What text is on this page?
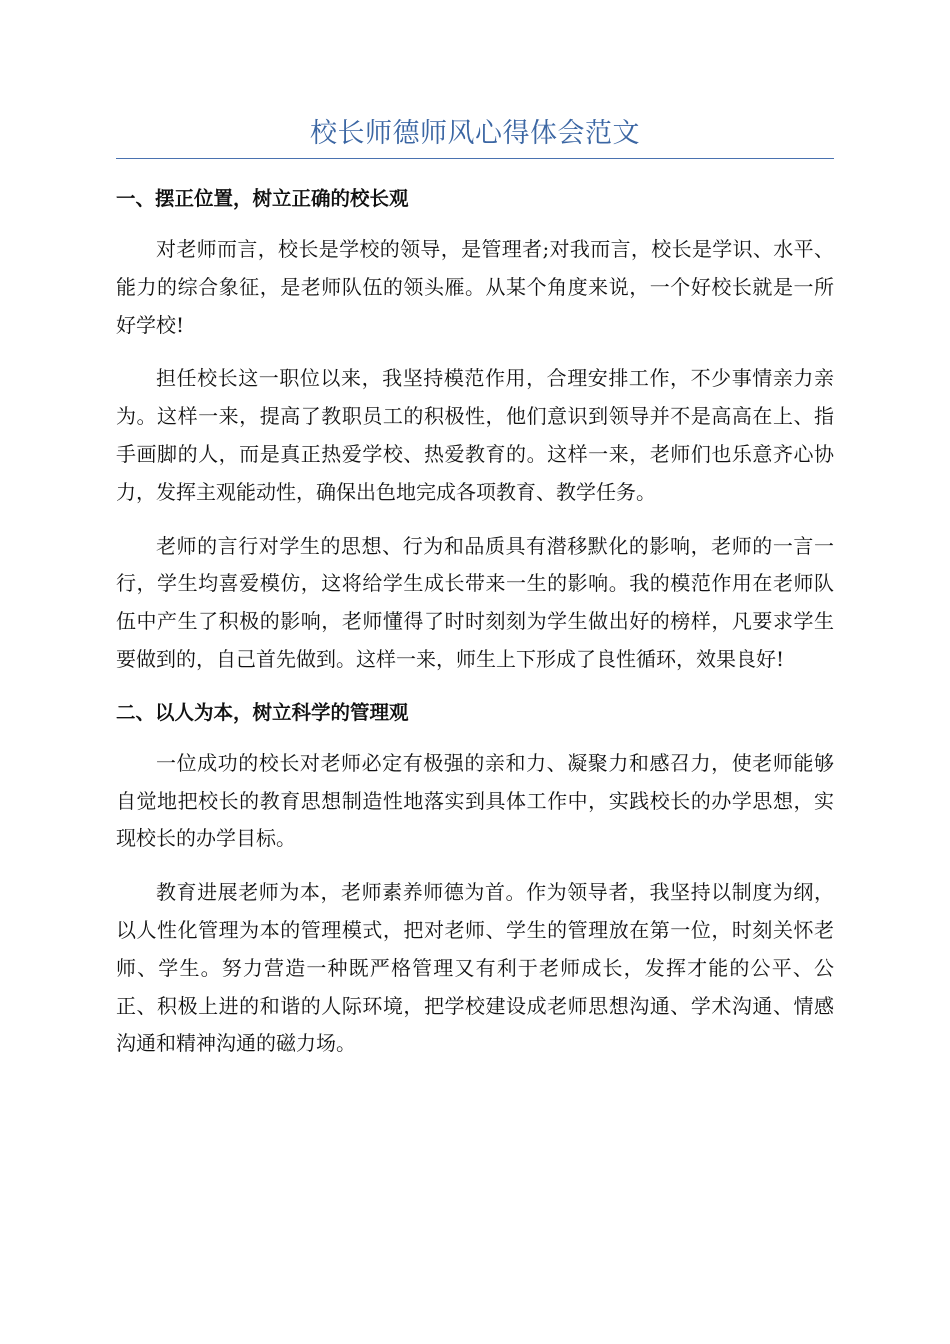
校长师德师风心得体会范文
一、摆正位置，树立正确的校长观

对老师而言，校长是学校的领导，是管理者;对我而言，校长是学识、水平、能力的综合象征，是老师队伍的领头雁。从某个角度来说，一个好校长就是一所好学校!

担任校长这一职位以来，我坚持模范作用，合理安排工作，不少事情亲力亲为。这样一来，提高了教职员工的积极性，他们意识到领导并不是高高在上、指手画脚的人，而是真正热爱学校、热爱教育的。这样一来，老师们也乐意齐心协力，发挥主观能动性，确保出色地完成各项教育、教学任务。

老师的言行对学生的思想、行为和品质具有潜移默化的影响，老师的一言一行，学生均喜爱模仿，这将给学生成长带来一生的影响。我的模范作用在老师队伍中产生了积极的影响，老师懂得了时时刻刻为学生做出好的榜样，凡要求学生要做到的，自己首先做到。这样一来，师生上下形成了良性循环，效果良好!

二、以人为本，树立科学的管理观

一位成功的校长对老师必定有极强的亲和力、凝聚力和感召力，使老师能够自觉地把校长的教育思想制造性地落实到具体工作中，实践校长的办学思想，实现校长的办学目标。

教育进展老师为本，老师素养师德为首。作为领导者，我坚持以制度为纲，以人性化管理为本的管理模式，把对老师、学生的管理放在第一位，时刻关怀老师、学生。努力营造一种既严格管理又有利于老师成长，发挥才能的公平、公正、积极上进的和谐的人际环境，把学校建设成老师思想沟通、学术沟通、情感沟通和精神沟通的磁力场。
